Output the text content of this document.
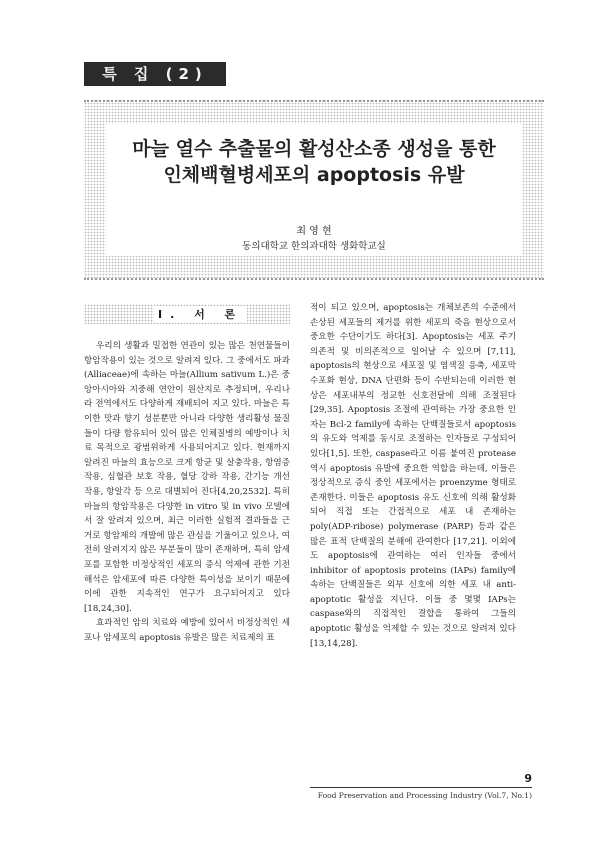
특 집 (2)
마늘 열수 추출물의 활성산소종 생성을 통한
인체백혈병세포의 apoptosis 유발
최 영 현
동의대학교 한의과대학 생화학교실
I. 서 론

우리의 생활과 밀접한 연관이 있는 많은 천연물들이 항암작용이 있는 것으로 알려져 있다. 그 중에서도 파과(Alliaceae)에 속하는 마늘(Allium sativum L.)은 중앙아시아와 지중해 연안이 원산지로 추정되며, 우리나라 전역에서도 다양하게 재배되어 지고 있다. 마늘은 특이한 맛과 향기 성분뿐만 아니라 다양한 생리활성 물질들이 다량 함유되어 있어 많은 인체질병의 예방이나 치료 목적으로 광범위하게 사용되어지고 있다. 현재까지 알려진 마늘의 효능으로 크게 항균 및 살충작용, 항염증 작용, 심혈관 보호 작용, 혈당 강하 작용, 간기능 개선 작용, 항알각 등 으로 대별되어 진다[4,20,2532]. 특히 마늘의 항암작용은 다양한 in vitro 및 in vivo 모델에서 잘 알려져 있으며, 최근 이러한 실험적 결과들을 근거로 항암제의 개발에 많은 관심을 기울이고 있으나, 여전히 알려지지 않은 부분들이 많이 존재하며, 특히 암세포를 포함한 비정상적인 세포의 증식 억제에 관한 기전해석은 암세포에 따른 다양한 특이성을 보이기 때문에 이에 관한 지속적인 연구가 요구되어지고 있다[18,24,30].

효과적인 암의 치료와 예방에 있어서 비정상적인 세포나 암세포의 apoptosis 유발은 많은 치료제의 표

적이 되고 있으며, apoptosis는 개체보존의 수준에서 손상된 세포들의 제거를 위한 세포의 죽음 현상으로서 중요한 수단이기도 하다[3]. Apoptosis는 세포 주기 의존적 및 비의존적으로 일어날 수 있으며 [7,11], apoptosis의 현상으로 세포질 및 염색질 응축, 세포막 수포화 현상, DNA 단편화 등이 수반되는데 이러한 현상은 세포내부의 정교한 신호전달에 의해 조절된다[29,35]. Apoptosis 조절에 관여하는 가장 중요한 인자는 Bcl-2 family에 속하는 단백질들로서 apoptosis의 유도와 억제를 동시로 조절하는 인자들로 구성되어 있다[1,5]. 또한, caspase라고 이름 붙여진 protease 역시 apoptosis 유발에 중요한 역할을 하는데, 이들은 정상적으로 증식 중인 세포에서는 proenzyme 형태로 존재한다. 이들은 apoptosis 유도 신호에 의해 활성화되어 직접 또는 간접적으로 세포 내 존재하는 poly(ADP-ribose) polymerase (PARP) 등과 같은 많은 표적 단백질의 분해에 관여한다 [17,21]. 이외에도 apoptosis에 관여하는 여러 인자들 중에서 inhibitor of apoptosis proteins (IAPs) family에 속하는 단백질들은 외부 신호에 의한 세포 내 anti-apoptotic 활성을 지닌다. 이들 중 몇몇 IAPs는 caspase와의 직접적인 결합을 통하여 그들의 apoptotic 활성을 억제할 수 있는 것으로 알려져 있다[13,14,28].

9
Food Preservation and Processing Industry (Vol.7, No.1)
